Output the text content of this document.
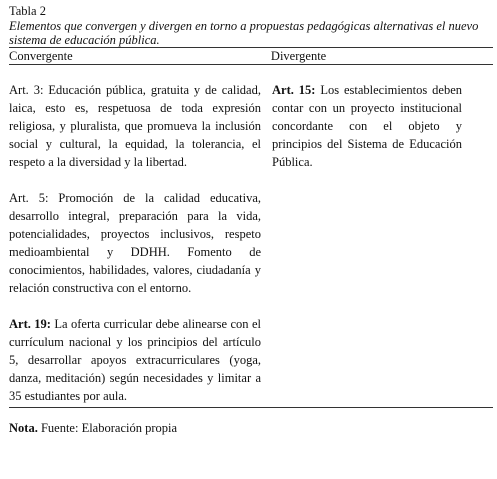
Tabla 2
Elementos que convergen y divergen en torno a propuestas pedagógicas alternativas el nuevo sistema de educación pública.
Convergente	Divergente

Art. 3: Educación pública, gratuita y de calidad, laica, esto es, respetuosa de toda expresión religiosa, y pluralista, que promueva la inclusión social y cultural, la equidad, la tolerancia, el respeto a la diversidad y la libertad.

Art. 5: Promoción de la calidad educativa, desarrollo integral, preparación para la vida, potencialidades, proyectos inclusivos, respeto medioambiental y DDHH. Fomento de conocimientos, habilidades, valores, ciudadanía y relación constructiva con el entorno.

Art. 19: La oferta curricular debe alinearse con el currículum nacional y los principios del artículo 5, desarrollar apoyos extracurriculares (yoga, danza, meditación) según necesidades y limitar a 35 estudiantes por aula.

Art. 15: Los establecimientos deben contar con un proyecto institucional concordante con el objeto y principios del Sistema de Educación Pública.

Nota. Fuente: Elaboración propia
